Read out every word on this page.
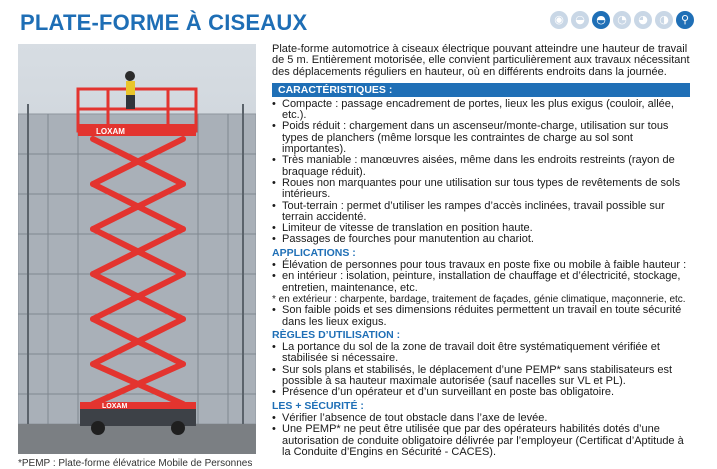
PLATE-FORME À CISEAUX	◉	◒	◓	◔	◕	◑	⚲
LOXAM
LOXAM
*PEMP : Plate-forme élévatrice Mobile de Personnes

Plate-forme automotrice à ciseaux électrique pouvant atteindre une hauteur de travail de 5 m. Entièrement motorisée, elle convient particulièrement aux travaux nécessitant des déplacements réguliers en hauteur, où en différents endroits dans la journée.

CARACTÉRISTIQUES :
• Compacte : passage encadrement de portes, lieux les plus exigus (couloir, allée, etc.).
• Poids réduit : chargement dans un ascenseur/monte-charge, utilisation sur tous types de planchers (même lorsque les contraintes de charge au sol sont importantes).
• Très maniable : manœuvres aisées, même dans les endroits restreints (rayon de braquage réduit).
• Roues non marquantes pour une utilisation sur tous types de revêtements de sols intérieurs.
• Tout-terrain : permet d’utiliser les rampes d’accès inclinées, travail possible sur terrain accidenté.
• Limiteur de vitesse de translation en position haute.
• Passages de fourches pour manutention au chariot.
APPLICATIONS :
• Élévation de personnes pour tous travaux en poste fixe ou mobile à faible hauteur :
• en intérieur : isolation, peinture, installation de chauffage et d’électricité, stockage, entretien, maintenance, etc.
* en extérieur : charpente, bardage, traitement de façades, génie climatique, maçonnerie, etc.
• Son faible poids et ses dimensions réduites permettent un travail en toute sécurité dans les lieux exigus.
RÈGLES D’UTILISATION :
• La portance du sol de la zone de travail doit être systématiquement vérifiée et stabilisée si nécessaire.
• Sur sols plans et stabilisés, le déplacement d’une PEMP* sans stabilisateurs est possible à sa hauteur maximale autorisée (sauf nacelles sur VL et PL).
• Présence d’un opérateur et d’un surveillant en poste bas obligatoire.
LES + SÉCURITÉ :
• Vérifier l’absence de tout obstacle dans l’axe de levée.
• Une PEMP* ne peut être utilisée que par des opérateurs habilités dotés d’une autorisation de conduite obligatoire délivrée par l’employeur (Certificat d’Aptitude à la Conduite d’Engins en Sécurité - CACES).
